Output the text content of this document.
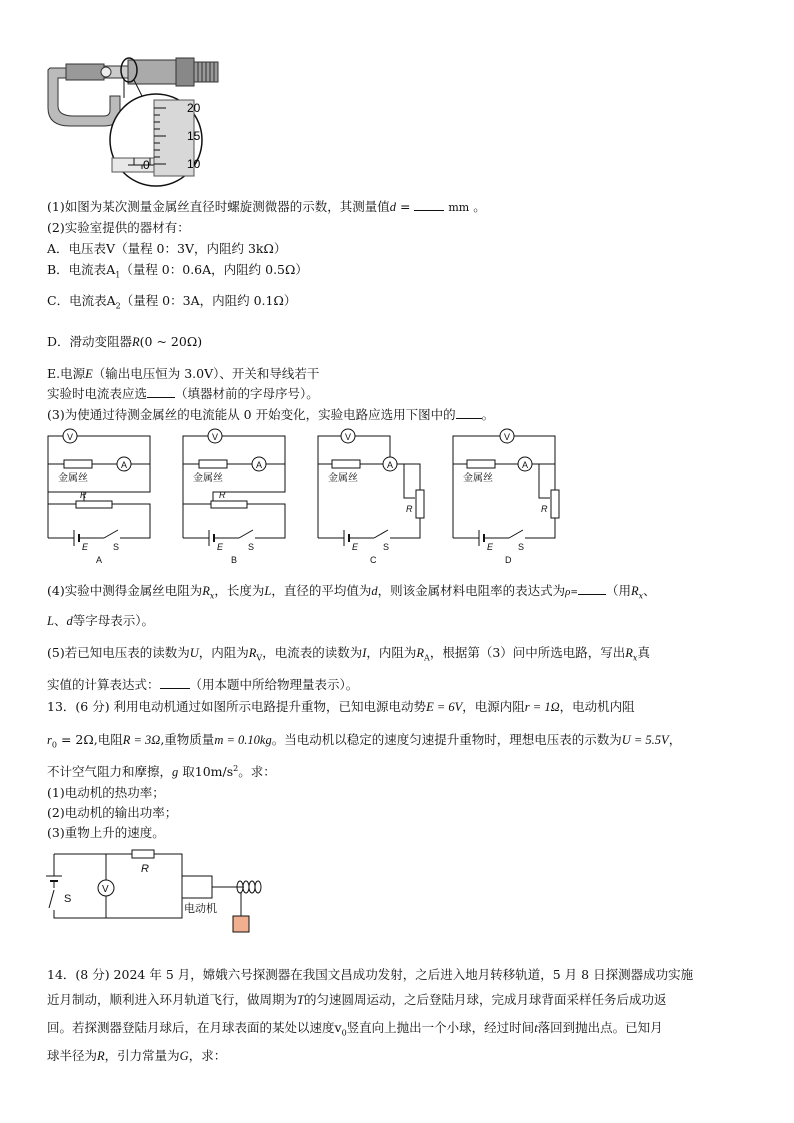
20
15
10
0
(1)如图为某次测量金属丝直径时螺旋测微器的示数，其测量值d =	mm 。
(2)实验室提供的器材有：
A．电压表V（量程 0：3V，内阻约 3kΩ）
B．电流表$A_1$（量程 0：0.6A，内阻约 0.5Ω）
C．电流表$A_2$（量程 0：3A，内阻约 0.1Ω）
D．滑动变阻器R(0 ~ 20Ω)
E.电源E（输出电压恒为 3.0V）、开关和导线若干
实验时电流表应选 （填器材前的字母序号）。
(3)为使通过待测金属丝的电流能从 0 开始变化，实验电路应选用下图中的 。
V
A
金属丝
R
E	S
A
V
A
金属丝
R
E	S
B
V
A
金属丝
R
E	S
C
V
A
金属丝
R
E	S
D
(4)实验中测得金属丝电阻为$R_x$，长度为L，直径的平均值为d，则该金属材料电阻率的表达式为ρ= （用$R_x$、
L、d等字母表示）。
(5)若已知电压表的读数为U，内阻为$R_V$，电流表的读数为I，内阻为$R_A$，根据第（3）问中所选电路，写出$R_x$真
实值的计算表达式： （用本题中所给物理量表示）。
13．(6 分) 利用电动机通过如图所示电路提升重物，已知电源电动势E = 6V，电源内阻r = 1Ω，电动机内阻
$r_0 = 2\Omega$,电阻R = 3Ω,重物质量m = 0.10kg。当电动机以稳定的速度匀速提升重物时，理想电压表的示数为U = 5.5V，
不计空气阻力和摩擦，g 取$10m/s^2$。求：
(1)电动机的热功率；
(2)电动机的输出功率；
(3)重物上升的速度。
R
V
S
电动机
14．(8 分) 2024 年 5 月，嫦娥六号探测器在我国文昌成功发射，之后进入地月转移轨道，5 月 8 日探测器成功实施
近月制动，顺利进入环月轨道飞行，做周期为T的匀速圆周运动，之后登陆月球，完成月球背面采样任务后成功返
回。若探测器登陆月球后，在月球表面的某处以速度$v_0$竖直向上抛出一个小球，经过时间t落回到抛出点。已知月
球半径为R，引力常量为G，求：
